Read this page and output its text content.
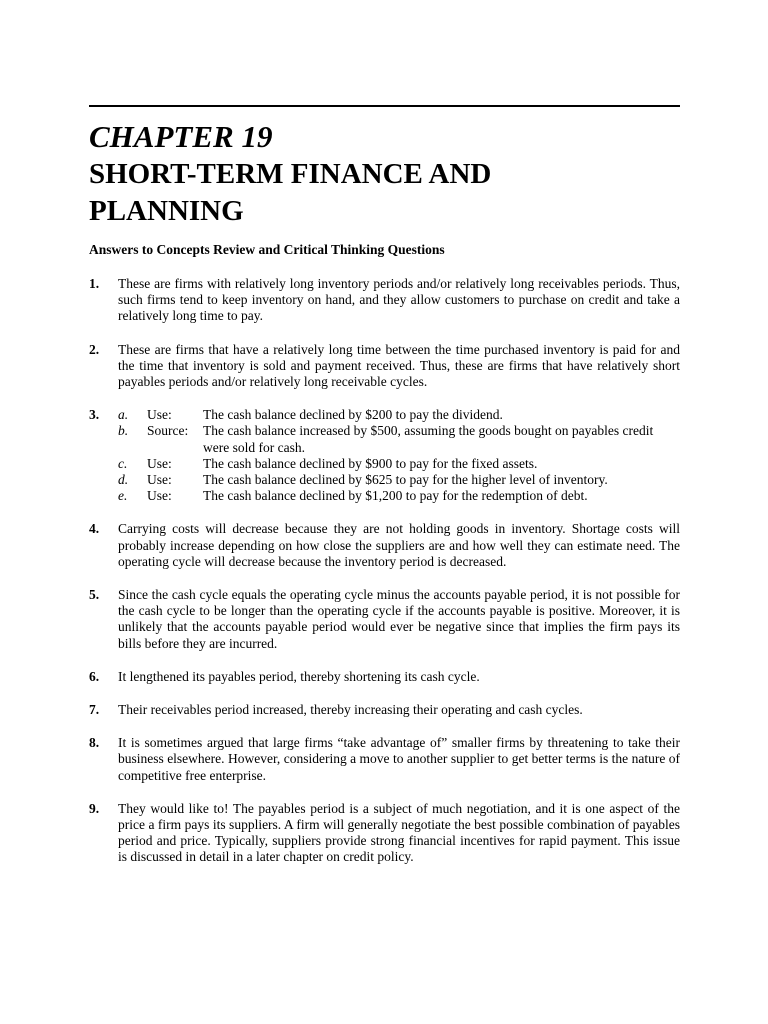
CHAPTER 19
SHORT-TERM FINANCE AND PLANNING
Answers to Concepts Review and Critical Thinking Questions
1. These are firms with relatively long inventory periods and/or relatively long receivables periods. Thus, such firms tend to keep inventory on hand, and they allow customers to purchase on credit and take a relatively long time to pay.
2. These are firms that have a relatively long time between the time purchased inventory is paid for and the time that inventory is sold and payment received. Thus, these are firms that have relatively short payables periods and/or relatively long receivable cycles.
3. a.	Use:	The cash balance declined by $200 to pay the dividend.
b.	Source:	The cash balance increased by $500, assuming the goods bought on payables credit were sold for cash.
c.	Use:	The cash balance declined by $900 to pay for the fixed assets.
d.	Use:	The cash balance declined by $625 to pay for the higher level of inventory.
e.	Use:	The cash balance declined by $1,200 to pay for the redemption of debt.
4. Carrying costs will decrease because they are not holding goods in inventory. Shortage costs will probably increase depending on how close the suppliers are and how well they can estimate need. The operating cycle will decrease because the inventory period is decreased.
5. Since the cash cycle equals the operating cycle minus the accounts payable period, it is not possible for the cash cycle to be longer than the operating cycle if the accounts payable is positive. Moreover, it is unlikely that the accounts payable period would ever be negative since that implies the firm pays its bills before they are incurred.
6. It lengthened its payables period, thereby shortening its cash cycle.
7. Their receivables period increased, thereby increasing their operating and cash cycles.
8. It is sometimes argued that large firms “take advantage of” smaller firms by threatening to take their business elsewhere. However, considering a move to another supplier to get better terms is the nature of competitive free enterprise.
9. They would like to! The payables period is a subject of much negotiation, and it is one aspect of the price a firm pays its suppliers. A firm will generally negotiate the best possible combination of payables period and price. Typically, suppliers provide strong financial incentives for rapid payment. This issue is discussed in detail in a later chapter on credit policy.
